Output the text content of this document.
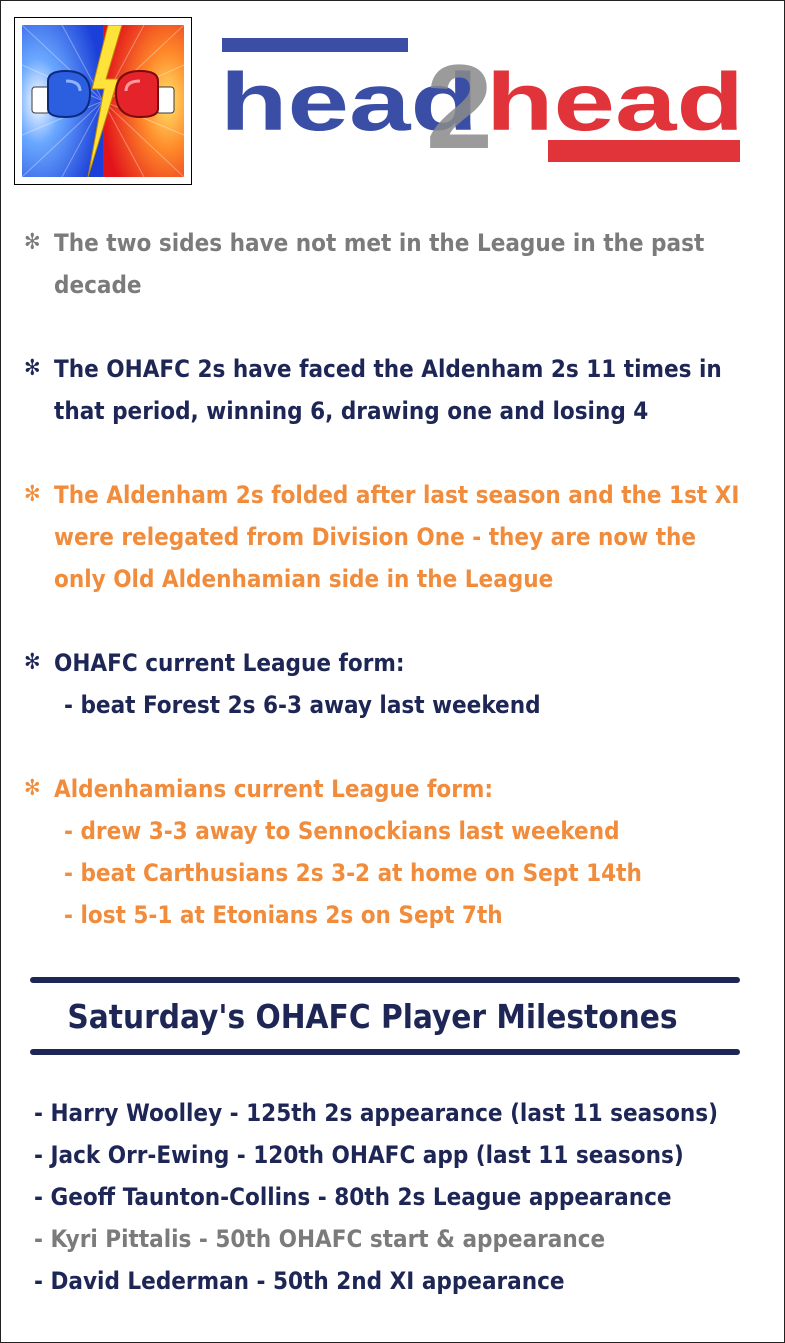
head
2
head
✻ The two sides have not met in the League in the past
decade
✻ The OHAFC 2s have faced the Aldenham 2s 11 times in
that period, winning 6, drawing one and losing 4
✻ The Aldenham 2s folded after last season and the 1st XI
were relegated from Division One - they are now the
only Old Aldenhamian side in the League
✻ OHAFC current League form:
- beat Forest 2s 6-3 away last weekend
✻ Aldenhamians current League form:
- drew 3-3 away to Sennockians last weekend
- beat Carthusians 2s 3-2 at home on Sept 14th
- lost 5-1 at Etonians 2s on Sept 7th
Saturday's OHAFC Player Milestones
- Harry Woolley - 125th 2s appearance (last 11 seasons)
- Jack Orr-Ewing - 120th OHAFC app (last 11 seasons)
- Geoff Taunton-Collins - 80th 2s League appearance
- Kyri Pittalis - 50th OHAFC start & appearance
- David Lederman - 50th 2nd XI appearance
